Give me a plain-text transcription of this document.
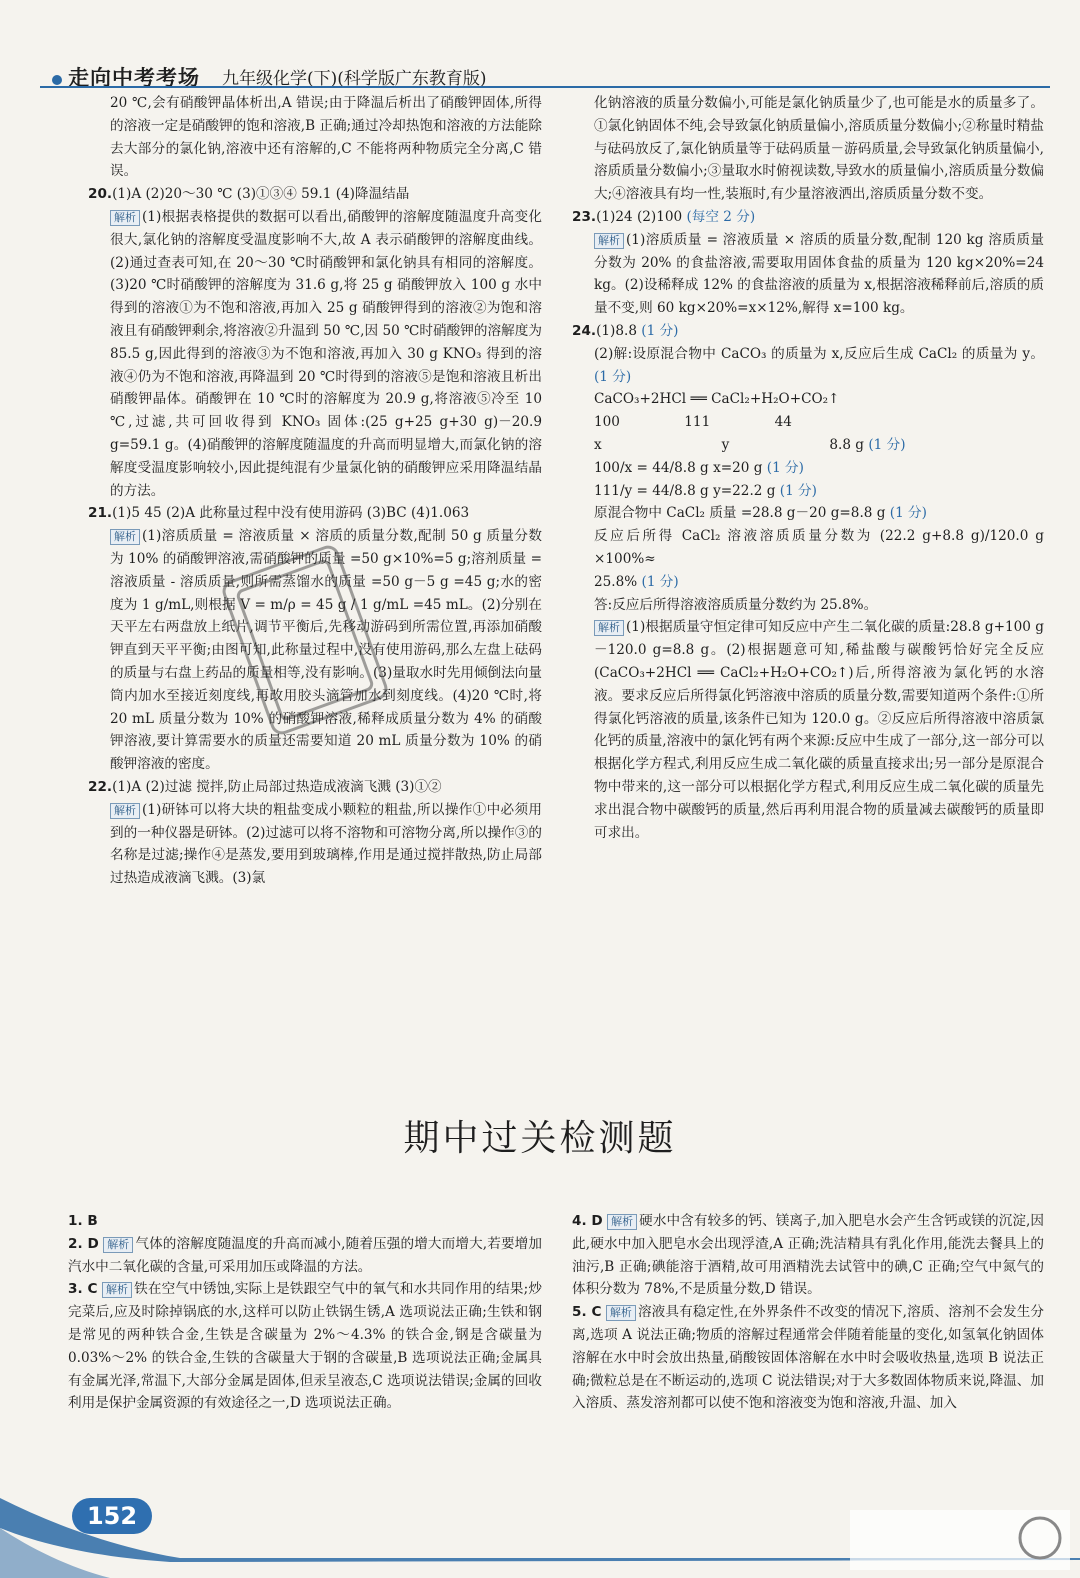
走向中考考场 九年级化学(下)(科学版广东教育版)

20 ℃,会有硝酸钾晶体析出,A 错误;由于降温后析出了硝酸钾固体,所得的溶液一定是硝酸钾的饱和溶液,B 正确;通过冷却热饱和溶液的方法能除去大部分的氯化钠,溶液中还有溶解的,C 不能将两种物质完全分离,C 错误。

20.(1)A (2)20～30 ℃ (3)①③④ 59.1 (4)降温结晶

解析 (1)根据表格提供的数据可以看出,硝酸钾的溶解度随温度升高变化很大,氯化钠的溶解度受温度影响不大,故 A 表示硝酸钾的溶解度曲线。(2)通过查表可知,在 20～30 ℃时硝酸钾和氯化钠具有相同的溶解度。(3)20 ℃时硝酸钾的溶解度为 31.6 g,将 25 g 硝酸钾放入 100 g 水中得到的溶液①为不饱和溶液,再加入 25 g 硝酸钾得到的溶液②为饱和溶液且有硝酸钾剩余,将溶液②升温到 50 ℃,因 50 ℃时硝酸钾的溶解度为 85.5 g,因此得到的溶液③为不饱和溶液,再加入 30 g KNO₃ 得到的溶液④仍为不饱和溶液,再降温到 20 ℃时得到的溶液⑤是饱和溶液且析出硝酸钾晶体。硝酸钾在 10 ℃时的溶解度为 20.9 g,将溶液⑤冷至 10 ℃,过滤,共可回收得到 KNO₃ 固体:(25 g+25 g+30 g)－20.9 g=59.1 g。(4)硝酸钾的溶解度随温度的升高而明显增大,而氯化钠的溶解度受温度影响较小,因此提纯混有少量氯化钠的硝酸钾应采用降温结晶的方法。

21.(1)5 45 (2)A 此称量过程中没有使用游码 (3)BC (4)1.063

解析 (1)溶质质量 = 溶液质量 × 溶质的质量分数,配制 50 g 质量分数为 10% 的硝酸钾溶液,需硝酸钾的质量 =50 g×10%=5 g;溶剂质量 = 溶液质量 - 溶质质量,则所需蒸馏水的质量 =50 g－5 g =45 g;水的密度为 1 g/mL,则根据 V = m/ρ = 45 g / 1 g/mL =45 mL。(2)分别在天平左右两盘放上纸片,调节平衡后,先移动游码到所需位置,再添加硝酸钾直到天平平衡;由图可知,此称量过程中,没有使用游码,那么左盘上砝码的质量与右盘上药品的质量相等,没有影响。(3)量取水时先用倾倒法向量筒内加水至接近刻度线,再改用胶头滴管加水到刻度线。(4)20 ℃时,将 20 mL 质量分数为 10% 的硝酸钾溶液,稀释成质量分数为 4% 的硝酸钾溶液,要计算需要水的质量还需要知道 20 mL 质量分数为 10% 的硝酸钾溶液的密度。

22.(1)A (2)过滤 搅拌,防止局部过热造成液滴飞溅 (3)①②

解析 (1)研钵可以将大块的粗盐变成小颗粒的粗盐,所以操作①中必须用到的一种仪器是研钵。(2)过滤可以将不溶物和可溶物分离,所以操作③的名称是过滤;操作④是蒸发,要用到玻璃棒,作用是通过搅拌散热,防止局部过热造成液滴飞溅。(3)氯

化钠溶液的质量分数偏小,可能是氯化钠质量少了,也可能是水的质量多了。①氯化钠固体不纯,会导致氯化钠质量偏小,溶质质量分数偏小;②称量时精盐与砝码放反了,氯化钠质量等于砝码质量－游码质量,会导致氯化钠质量偏小,溶质质量分数偏小;③量取水时俯视读数,导致水的质量偏小,溶质质量分数偏大;④溶液具有均一性,装瓶时,有少量溶液洒出,溶质质量分数不变。

23.(1)24 (2)100 (每空 2 分)

解析 (1)溶质质量 = 溶液质量 × 溶质的质量分数,配制 120 kg 溶质质量分数为 20% 的食盐溶液,需要取用固体食盐的质量为 120 kg×20%=24 kg。(2)设稀释成 12% 的食盐溶液的质量为 x,根据溶液稀释前后,溶质的质量不变,则 60 kg×20%=x×12%,解得 x=100 kg。

24.(1)8.8 (1 分)

(2)解:设原混合物中 CaCO₃ 的质量为 x,反应后生成 CaCl₂ 的质量为 y。 (1 分)

CaCO₃+2HCl ══ CaCl₂+H₂O+CO₂↑

100	111	44

x	y	8.8 g (1 分)

100/x = 44/8.8 g x=20 g (1 分)

111/y = 44/8.8 g y=22.2 g (1 分)

原混合物中 CaCl₂ 质量 =28.8 g－20 g=8.8 g (1 分)

反应后所得 CaCl₂ 溶液溶质质量分数为 (22.2 g+8.8 g)/120.0 g ×100%≈

25.8% (1 分)

答:反应后所得溶液溶质质量分数约为 25.8%。

解析 (1)根据质量守恒定律可知反应中产生二氧化碳的质量:28.8 g+100 g－120.0 g=8.8 g。(2)根据题意可知,稀盐酸与碳酸钙恰好完全反应(CaCO₃+2HCl ══ CaCl₂+H₂O+CO₂↑)后,所得溶液为氯化钙的水溶液。要求反应后所得氯化钙溶液中溶质的质量分数,需要知道两个条件:①所得氯化钙溶液的质量,该条件已知为 120.0 g。②反应后所得溶液中溶质氯化钙的质量,溶液中的氯化钙有两个来源:反应中生成了一部分,这一部分可以根据化学方程式,利用反应生成二氧化碳的质量直接求出;另一部分是原混合物中带来的,这一部分可以根据化学方程式,利用反应生成二氧化碳的质量先求出混合物中碳酸钙的质量,然后再利用混合物的质量减去碳酸钙的质量即可求出。

期中过关检测题

1. B

2. D 解析 气体的溶解度随温度的升高而减小,随着压强的增大而增大,若要增加汽水中二氧化碳的含量,可采用加压或降温的方法。

3. C 解析 铁在空气中锈蚀,实际上是铁跟空气中的氧气和水共同作用的结果;炒完菜后,应及时除掉锅底的水,这样可以防止铁锅生锈,A 选项说法正确;生铁和钢是常见的两种铁合金,生铁是含碳量为 2%～4.3% 的铁合金,钢是含碳量为 0.03%～2% 的铁合金,生铁的含碳量大于钢的含碳量,B 选项说法正确;金属具有金属光泽,常温下,大部分金属是固体,但汞呈液态,C 选项说法错误;金属的回收利用是保护金属资源的有效途径之一,D 选项说法正确。

4. D 解析 硬水中含有较多的钙、镁离子,加入肥皂水会产生含钙或镁的沉淀,因此,硬水中加入肥皂水会出现浮渣,A 正确;洗洁精具有乳化作用,能洗去餐具上的油污,B 正确;碘能溶于酒精,故可用酒精洗去试管中的碘,C 正确;空气中氮气的体积分数为 78%,不是质量分数,D 错误。

5. C 解析 溶液具有稳定性,在外界条件不改变的情况下,溶质、溶剂不会发生分离,选项 A 说法正确;物质的溶解过程通常会伴随着能量的变化,如氢氧化钠固体溶解在水中时会放出热量,硝酸铵固体溶解在水中时会吸收热量,选项 B 说法正确;微粒总是在不断运动的,选项 C 说法错误;对于大多数固体物质来说,降温、加入溶质、蒸发溶剂都可以使不饱和溶液变为饱和溶液,升温、加入

152
